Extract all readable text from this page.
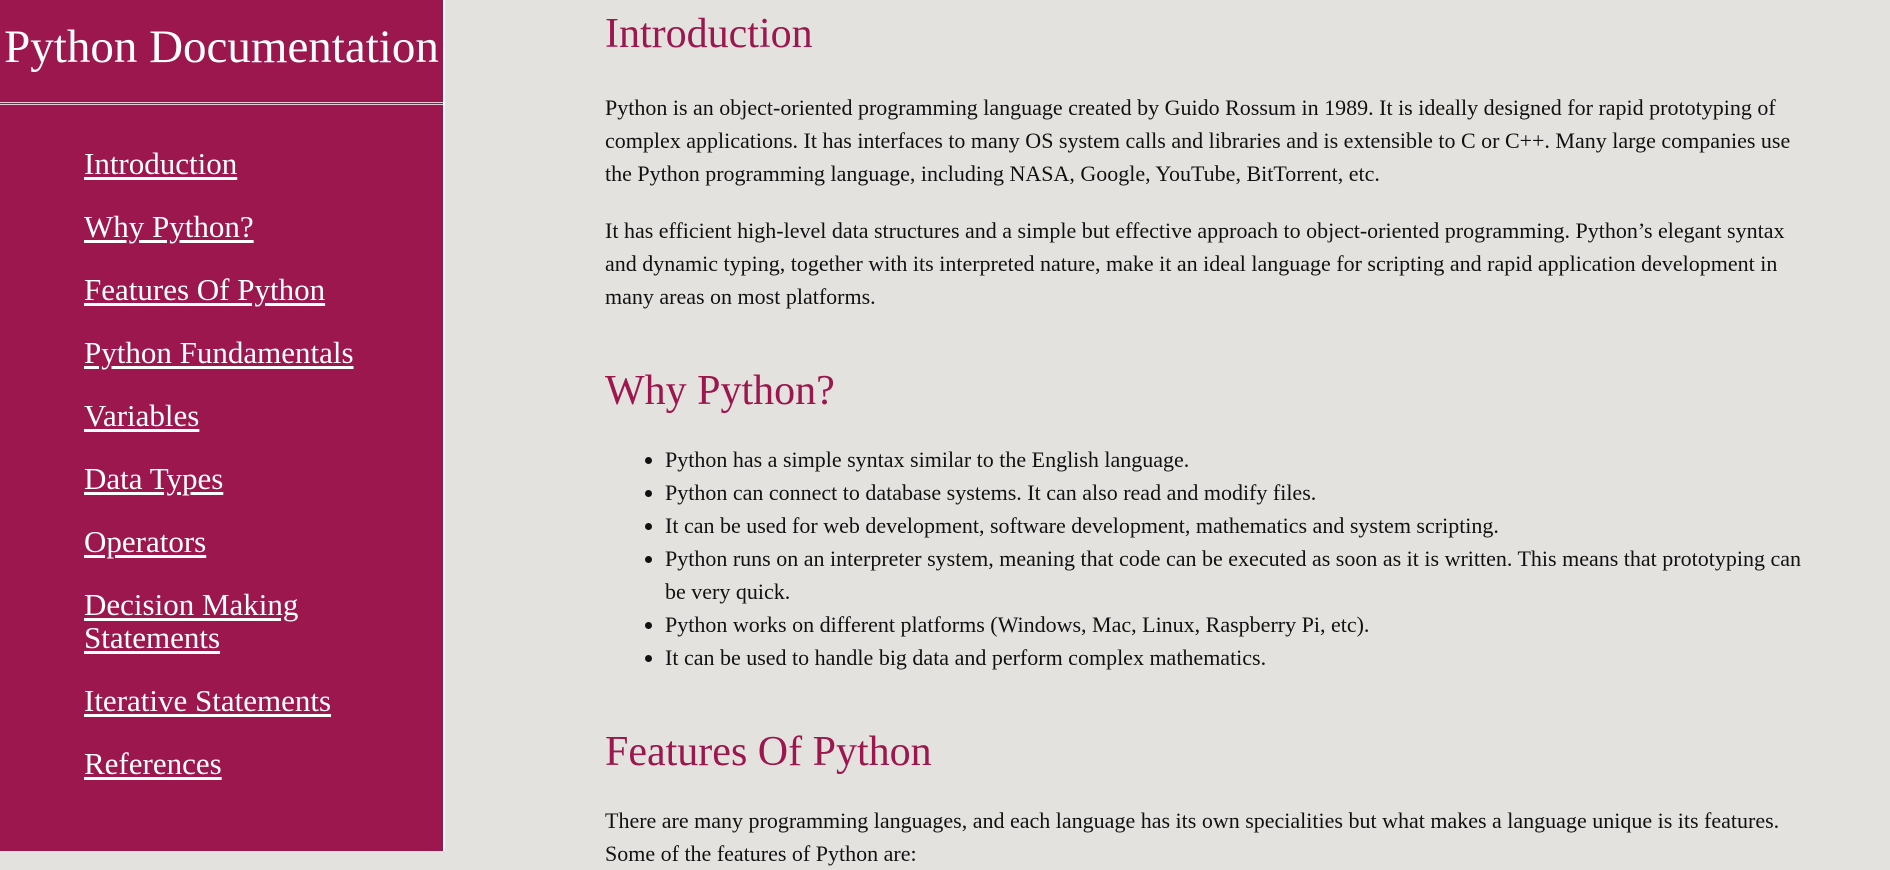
Python Documentation
Introduction
Why Python?
Features Of Python
Python Fundamentals
Variables
Data Types
Operators
Decision Making Statements
Iterative Statements
References
Introduction

Python is an object-oriented programming language created by Guido Rossum in 1989. It is ideally designed for rapid prototyping of complex applications. It has interfaces to many OS system calls and libraries and is extensible to C or C++. Many large companies use the Python programming language, including NASA, Google, YouTube, BitTorrent, etc.

It has efficient high-level data structures and a simple but effective approach to object-oriented programming. Python’s elegant syntax and dynamic typing, together with its interpreted nature, make it an ideal language for scripting and rapid application development in many areas on most platforms.

Why Python?
• Python has a simple syntax similar to the English language.
• Python can connect to database systems. It can also read and modify files.
• It can be used for web development, software development, mathematics and system scripting.
• Python runs on an interpreter system, meaning that code can be executed as soon as it is written. This means that prototyping can be very quick.
• Python works on different platforms (Windows, Mac, Linux, Raspberry Pi, etc).
• It can be used to handle big data and perform complex mathematics.
Features Of Python

There are many programming languages, and each language has its own specialities but what makes a language unique is its features. Some of the features of Python are:
